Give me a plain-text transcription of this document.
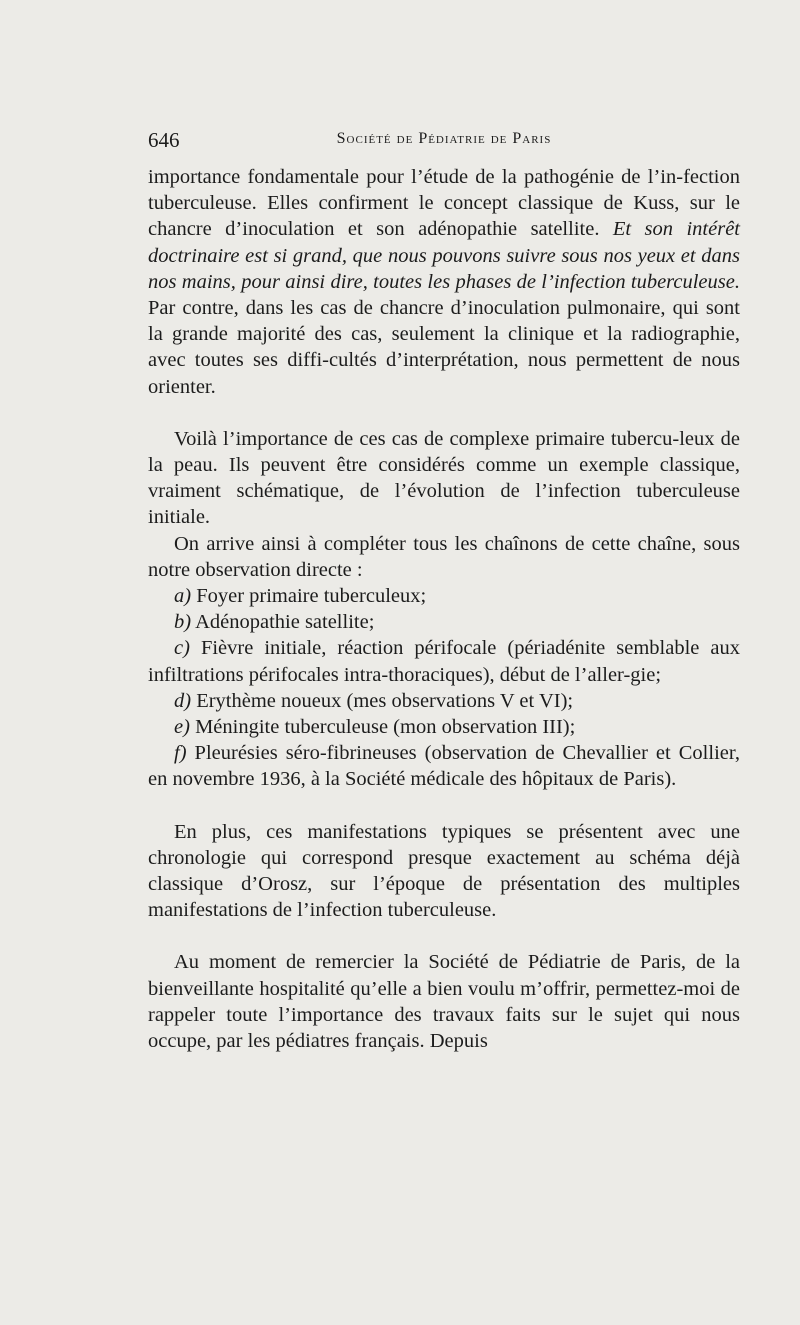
646	Société de Pédiatrie de Paris

importance fondamentale pour l’étude de la pathogénie de l’in-fection tuberculeuse. Elles confirment le concept classique de Kuss, sur le chancre d’inoculation et son adénopathie satellite. Et son intérêt doctrinaire est si grand, que nous pouvons suivre sous nos yeux et dans nos mains, pour ainsi dire, toutes les phases de l’infection tuberculeuse. Par contre, dans les cas de chancre d’inoculation pulmonaire, qui sont la grande majorité des cas, seulement la clinique et la radiographie, avec toutes ses diffi-cultés d’interprétation, nous permettent de nous orienter.

Voilà l’importance de ces cas de complexe primaire tubercu-leux de la peau. Ils peuvent être considérés comme un exemple classique, vraiment schématique, de l’évolution de l’infection tuberculeuse initiale.

On arrive ainsi à compléter tous les chaînons de cette chaîne, sous notre observation directe :

a) Foyer primaire tuberculeux;

b) Adénopathie satellite;

c) Fièvre initiale, réaction périfocale (périadénite semblable aux infiltrations périfocales intra-thoraciques), début de l’aller-gie;

d) Erythème noueux (mes observations V et VI);

e) Méningite tuberculeuse (mon observation III);

f) Pleurésies séro-fibrineuses (observation de Chevallier et Collier, en novembre 1936, à la Société médicale des hôpitaux de Paris).

En plus, ces manifestations typiques se présentent avec une chronologie qui correspond presque exactement au schéma déjà classique d’Orosz, sur l’époque de présentation des multiples manifestations de l’infection tuberculeuse.

Au moment de remercier la Société de Pédiatrie de Paris, de la bienveillante hospitalité qu’elle a bien voulu m’offrir, permettez-moi de rappeler toute l’importance des travaux faits sur le sujet qui nous occupe, par les pédiatres français. Depuis
